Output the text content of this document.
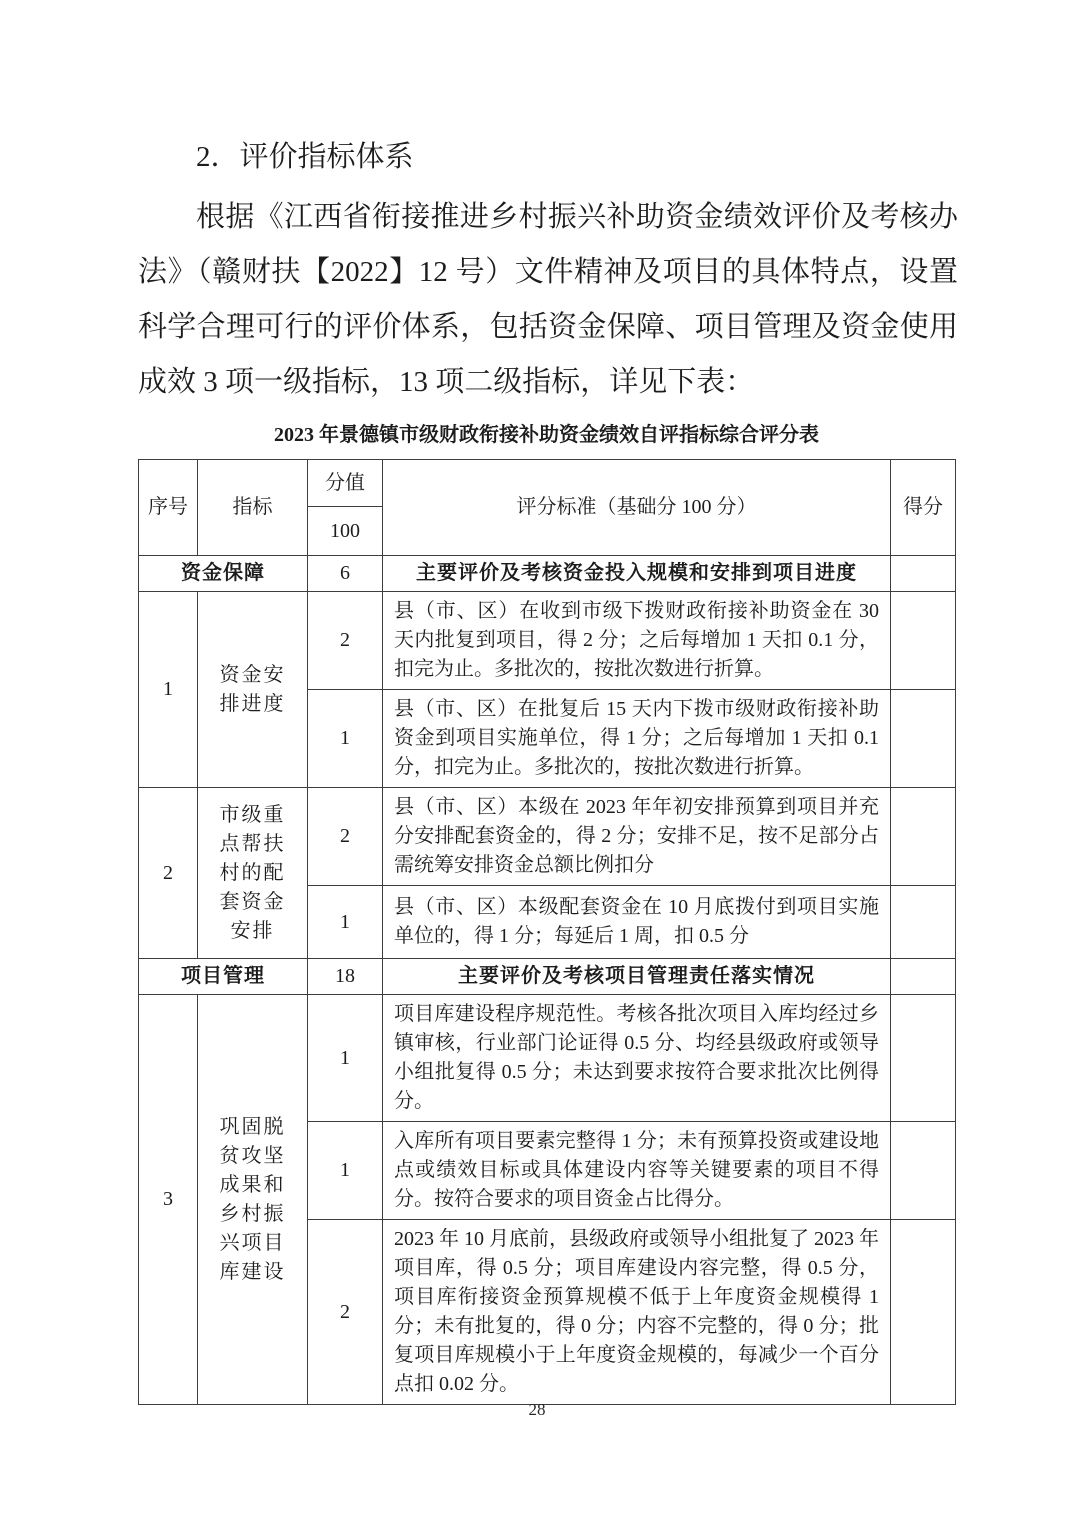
2．评价指标体系
根据《江西省衔接推进乡村振兴补助资金绩效评价及考核办
法》（赣财扶【2022】12 号）文件精神及项目的具体特点，设置
科学合理可行的评价体系，包括资金保障、项目管理及资金使用
成效 3 项一级指标，13 项二级指标，详见下表：
2023 年景德镇市级财政衔接补助资金绩效自评指标综合评分表
序号	指标	分值	评分标准（基础分 100 分）	得分
		100		
资金保障		6	主要评价及考核资金投入规模和安排到项目进度	
1	资金安排进度	2	县（市、区）在收到市级下拨财政衔接补助资金在 30 天内批复到项目，得 2 分；之后每增加 1 天扣 0.1 分，扣完为止。多批次的，按批次数进行折算。	
		1	县（市、区）在批复后 15 天内下拨市级财政衔接补助资金到项目实施单位，得 1 分；之后每增加 1 天扣 0.1 分，扣完为止。多批次的，按批次数进行折算。	
2	市级重点帮扶村的配套资金安排	2	县（市、区）本级在 2023 年年初安排预算到项目并充分安排配套资金的，得 2 分；安排不足，按不足部分占需统筹安排资金总额比例扣分	
		1	县（市、区）本级配套资金在 10 月底拨付到项目实施单位的，得 1 分；每延后 1 周，扣 0.5 分	
项目管理		18	主要评价及考核项目管理责任落实情况	
3	巩固脱贫攻坚成果和乡村振兴项目库建设	1	项目库建设程序规范性。考核各批次项目入库均经过乡镇审核，行业部门论证得 0.5 分、均经县级政府或领导小组批复得 0.5 分；未达到要求按符合要求批次比例得分。	
		1	入库所有项目要素完整得 1 分；未有预算投资或建设地点或绩效目标或具体建设内容等关键要素的项目不得分。按符合要求的项目资金占比得分。	
		2	2023 年 10 月底前，县级政府或领导小组批复了 2023 年项目库，得 0.5 分；项目库建设内容完整，得 0.5 分，项目库衔接资金预算规模不低于上年度资金规模得 1 分；未有批复的，得 0 分；内容不完整的，得 0 分；批复项目库规模小于上年度资金规模的，每减少一个百分点扣 0.02 分。	
28
